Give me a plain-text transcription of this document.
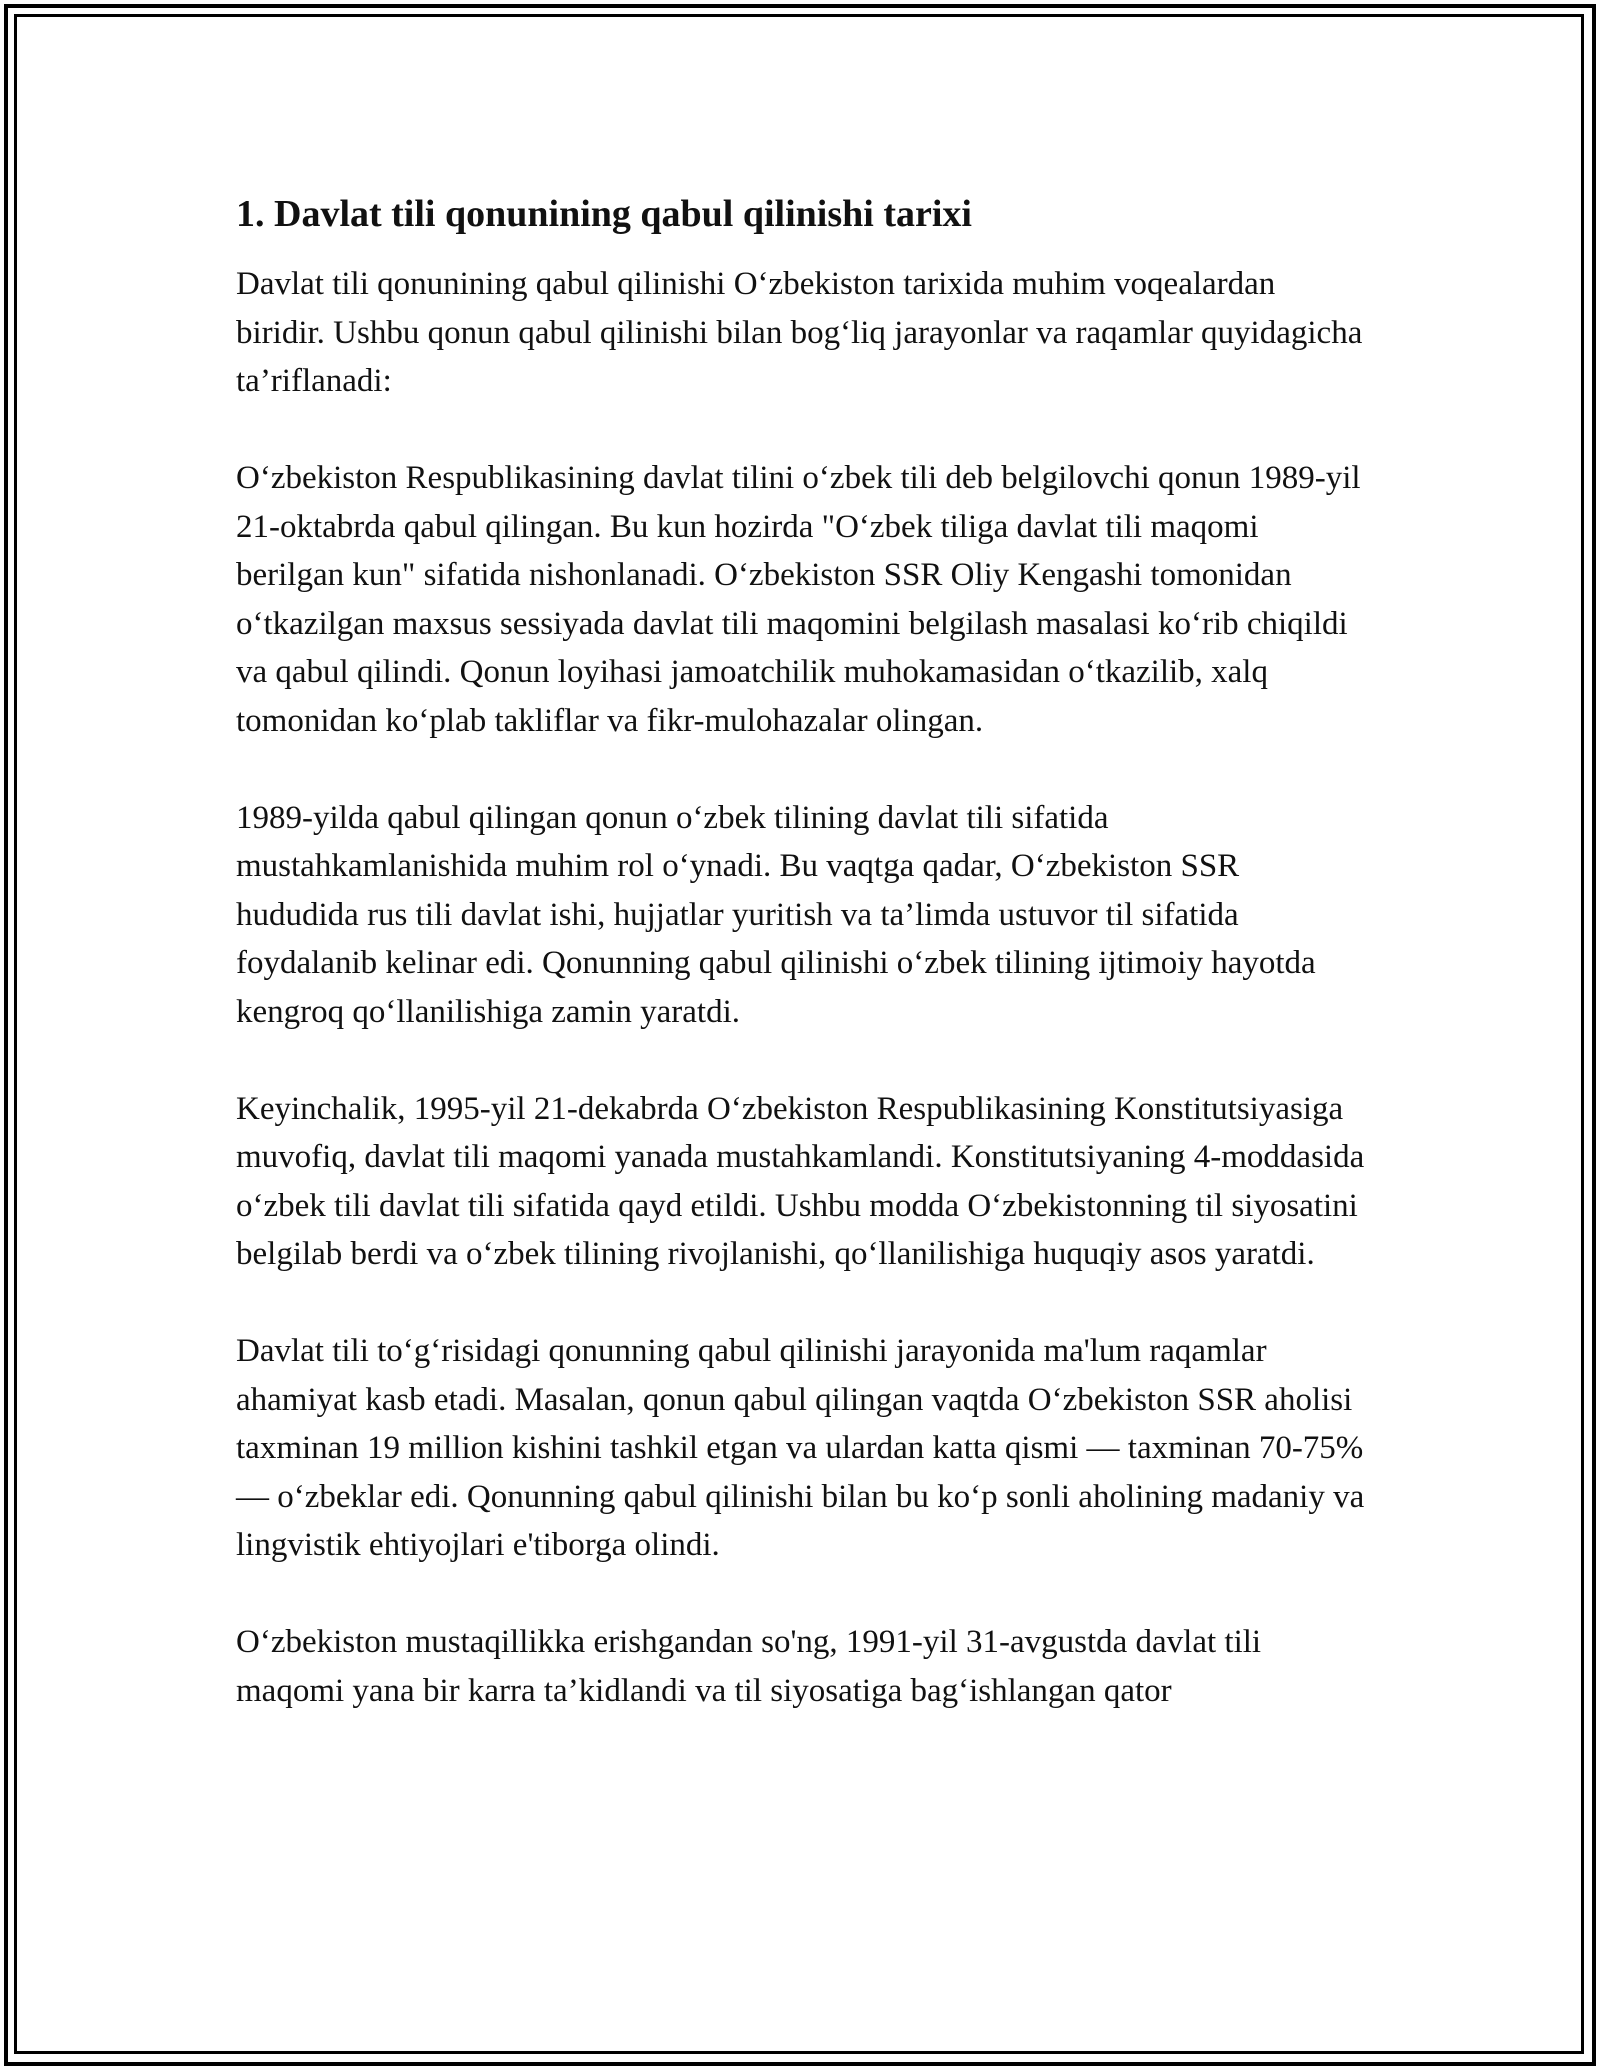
1. Davlat tili qonunining qabul qilinishi tarixi

Davlat tili qonunining qabul qilinishi O‘zbekiston tarixida muhim voqealardan biridir. Ushbu qonun qabul qilinishi bilan bog‘liq jarayonlar va raqamlar quyidagicha ta’riflanadi:

O‘zbekiston Respublikasining davlat tilini o‘zbek tili deb belgilovchi qonun 1989-yil 21-oktabrda qabul qilingan. Bu kun hozirda "O‘zbek tiliga davlat tili maqomi berilgan kun" sifatida nishonlanadi. O‘zbekiston SSR Oliy Kengashi tomonidan o‘tkazilgan maxsus sessiyada davlat tili maqomini belgilash masalasi ko‘rib chiqildi va qabul qilindi. Qonun loyihasi jamoatchilik muhokamasidan o‘tkazilib, xalq tomonidan ko‘plab takliflar va fikr-mulohazalar olingan.

1989-yilda qabul qilingan qonun o‘zbek tilining davlat tili sifatida mustahkamlanishida muhim rol o‘ynadi. Bu vaqtga qadar, O‘zbekiston SSR hududida rus tili davlat ishi, hujjatlar yuritish va ta’limda ustuvor til sifatida foydalanib kelinar edi. Qonunning qabul qilinishi o‘zbek tilining ijtimoiy hayotda kengroq qo‘llanilishiga zamin yaratdi.

Keyinchalik, 1995-yil 21-dekabrda O‘zbekiston Respublikasining Konstitutsiyasiga muvofiq, davlat tili maqomi yanada mustahkamlandi. Konstitutsiyaning 4-moddasida o‘zbek tili davlat tili sifatida qayd etildi. Ushbu modda O‘zbekistonning til siyosatini belgilab berdi va o‘zbek tilining rivojlanishi, qo‘llanilishiga huquqiy asos yaratdi.

Davlat tili to‘g‘risidagi qonunning qabul qilinishi jarayonida ma'lum raqamlar ahamiyat kasb etadi. Masalan, qonun qabul qilingan vaqtda O‘zbekiston SSR aholisi taxminan 19 million kishini tashkil etgan va ulardan katta qismi — taxminan 70-75% — o‘zbeklar edi. Qonunning qabul qilinishi bilan bu ko‘p sonli aholining madaniy va lingvistik ehtiyojlari e'tiborga olindi.

O‘zbekiston mustaqillikka erishgandan so'ng, 1991-yil 31-avgustda davlat tili maqomi yana bir karra ta’kidlandi va til siyosatiga bag‘ishlangan qator
